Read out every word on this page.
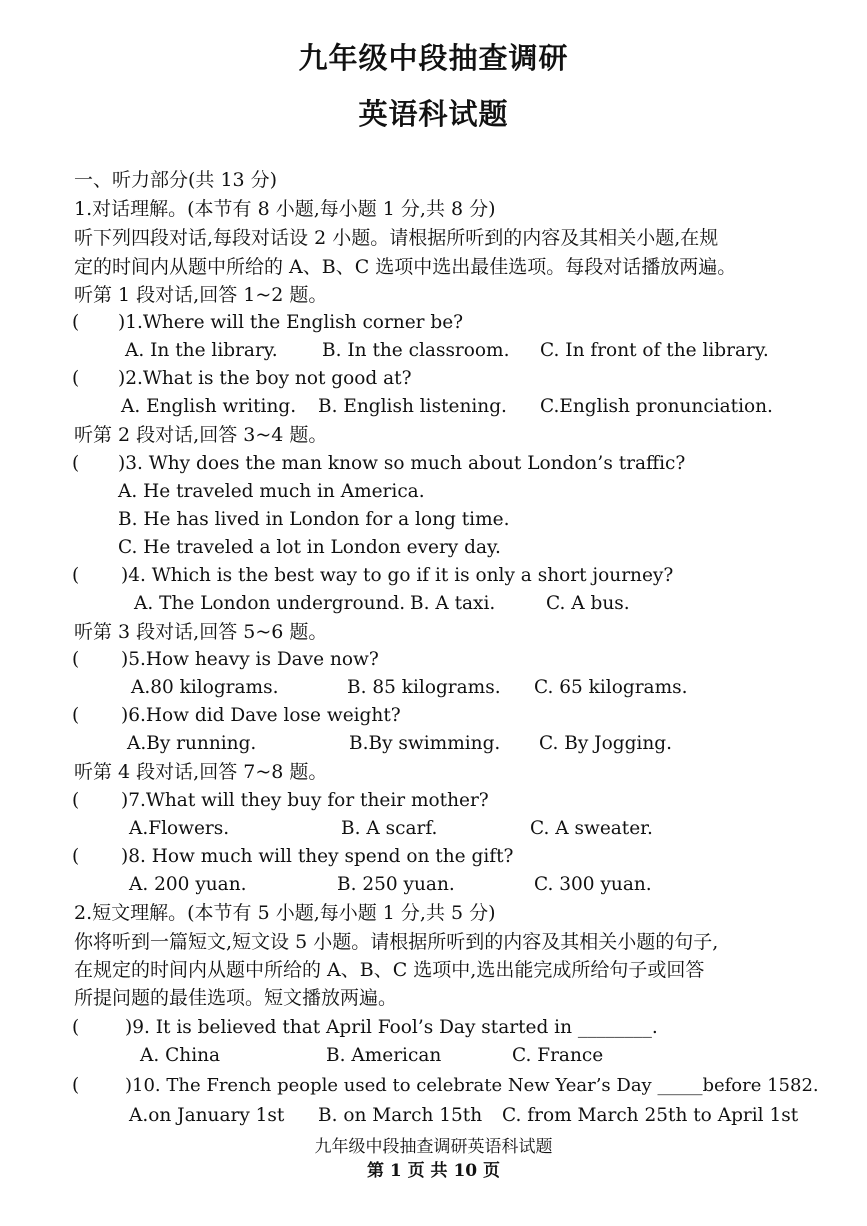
九年级中段抽查调研
英语科试题
一、听力部分(共 13 分)
1.对话理解。(本节有 8 小题,每小题 1 分,共 8 分)
听下列四段对话,每段对话设 2 小题。请根据所听到的内容及其相关小题,在规
定的时间内从题中所给的 A、B、C 选项中选出最佳选项。每段对话播放两遍。
听第 1 段对话,回答 1~2 题。
( )1.Where will the English corner be?
A. In the library. B. In the classroom. C. In front of the library.
( )2.What is the boy not good at?
A. English writing. B. English listening. C.English pronunciation.
听第 2 段对话,回答 3~4 题。
( )3. Why does the man know so much about London’s traffic?
A. He traveled much in America.
B. He has lived in London for a long time.
C. He traveled a lot in London every day.
( )4. Which is the best way to go if it is only a short journey?
A. The London underground. B. A taxi.	C. A bus.
听第 3 段对话,回答 5~6 题。
( )5.How heavy is Dave now?
A.80 kilograms.	B. 85 kilograms. C. 65 kilograms.
( )6.How did Dave lose weight?
A.By running.	B.By swimming. C. By Jogging.
听第 4 段对话,回答 7~8 题。
( )7.What will they buy for their mother?
A.Flowers.	B. A scarf.	C. A sweater.
( )8. How much will they spend on the gift?
A. 200 yuan.	B. 250 yuan.	C. 300 yuan.
2.短文理解。(本节有 5 小题,每小题 1 分,共 5 分)
你将听到一篇短文,短文设 5 小题。请根据所听到的内容及其相关小题的句子,
在规定的时间内从题中所给的 A、B、C 选项中,选出能完成所给句子或回答
所提问题的最佳选项。短文播放两遍。
( )9. It is believed that April Fool’s Day started in ________.
A. China	B. American	C. France
(	)10. The French people used to celebrate New Year’s Day _____before 1582.
A.on January 1st B. on March 15th C. from March 25th to April 1st
九年级中段抽查调研英语科试题
第 1 页 共 10 页
